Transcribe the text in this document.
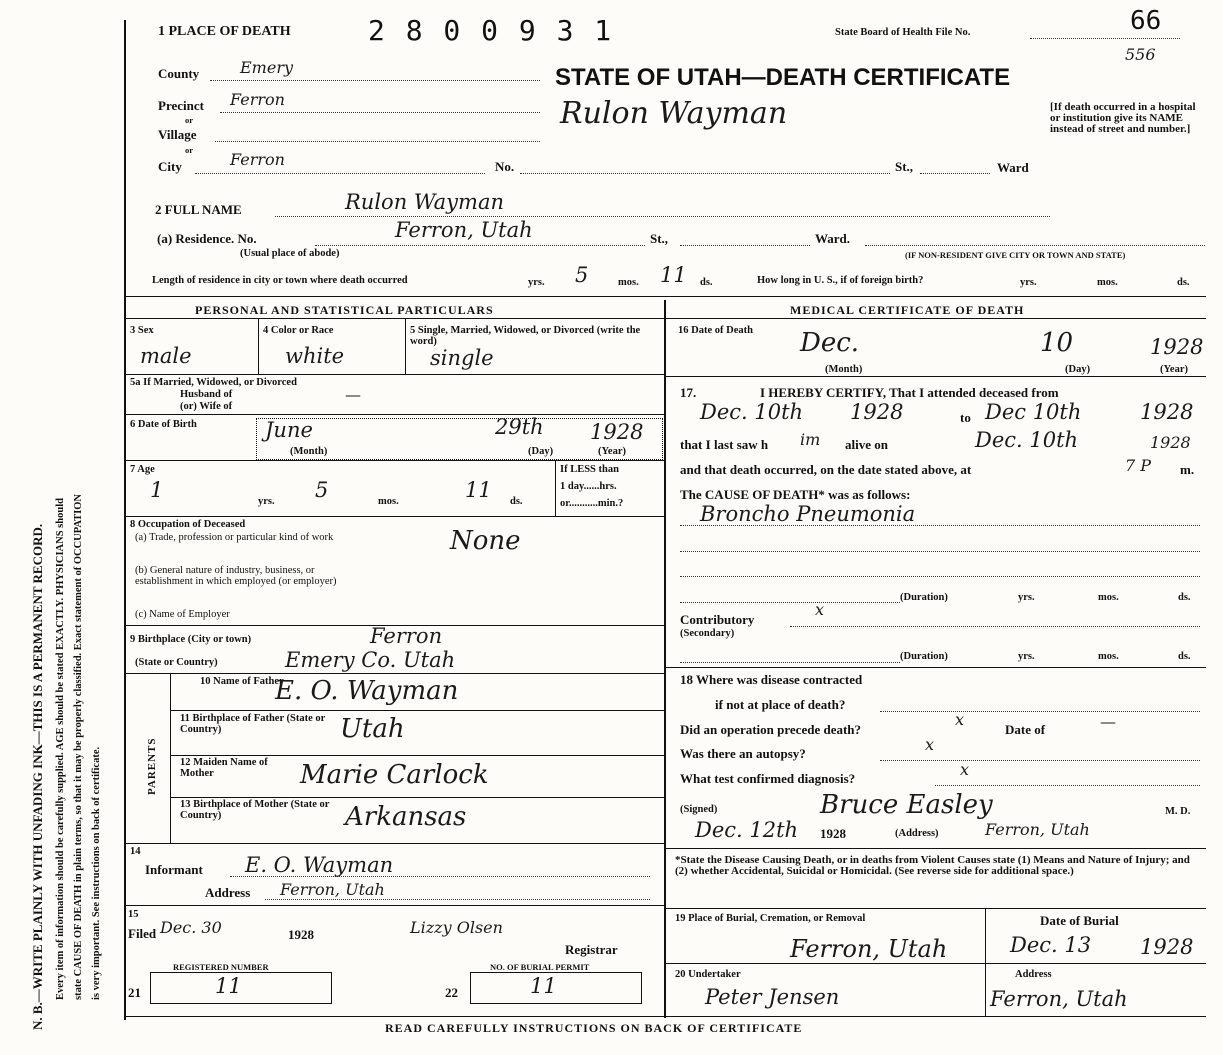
N. B.—WRITE PLAINLY WITH UNFADING INK—THIS IS A PERMANENT RECORD. Every item of information should be carefully supplied. AGE should be stated EXACTLY. PHYSICIANS should state CAUSE OF DEATH in plain terms, so that it may be properly classified. Exact statement of OCCUPATION is very important. See instructions on back of certificate.
1 PLACE OF DEATH	2 8 0 0 9 3 1	State Board of Health File No.	66
556
STATE OF UTAH—DEATH CERTIFICATE
[If death occurred in a hospital or institution give its NAME instead of street and number.]
County	Emery
Precinct Ferron
or
Village
or
City	Ferron	No.	St.,	Ward
Rulon Wayman
2 FULL NAME	Rulon Wayman
(a) Residence. No.	Ferron, Utah	St.,	Ward.
(Usual place of abode)	(IF NON-RESIDENT GIVE CITY OR TOWN AND STATE)
Length of residence in city or town where death occurred	yrs. 5	mos. 11 ds.	How long in U. S., if of foreign birth?	yrs.	mos.	ds.
PERSONAL AND STATISTICAL PARTICULARS
3 Sex
male
4 Color or Race
white
5 Single, Married, Widowed, or Divorced (write the word)
single
5a If Married, Widowed, or Divorced
Husband of
(or) Wife of
—
6 Date of Birth	June	29th 1928
(Month)	(Day)	(Year)
7 Age
1	yrs. 5	mos.	11 ds.
If LESS than
1 day......hrs.
or...........min.?
8 Occupation of Deceased
(a) Trade, profession or particular kind of work	None
(b) General nature of industry, business, or establishment in which employed (or employer)
(c) Name of Employer
9 Birthplace (City or town)	Ferron
(State or Country)	Emery Co. Utah
PARENTS
10 Name of Father
E. O. Wayman
11 Birthplace of Father (State or Country)	Utah
12 Maiden Name of Mother	Marie Carlock
13 Birthplace of Mother (State or Country)	Arkansas
14
Informant E. O. Wayman
Address Ferron, Utah
15
Filed Dec. 30	1928	Lizzy Olsen
Registrar
REGISTERED NUMBER
21	11
NO. OF BURIAL PERMIT
22	11
MEDICAL CERTIFICATE OF DEATH
16 Date of Death Dec.	10	1928
(Month)	(Day)	(Year)
17.	I HEREBY CERTIFY, That I attended deceased from
Dec. 10th 1928	to Dec 10th	1928
that I last saw h im alive on	Dec. 10th	1928
and that death occurred, on the date stated above, at	7 P m.
The CAUSE OF DEATH* was as follows:
Broncho Pneumonia
(Duration)	yrs.	mos.	ds.
Contributory
(Secondary)
x
(Duration)	yrs.	mos.	ds.
18 Where was disease contracted
if not at place of death?
Did an operation precede death?
x
Date of	—
Was there an autopsy?	x
What test confirmed diagnosis?	x
(Signed)	Bruce Easley	M. D.
Dec. 12th 1928	(Address)	Ferron, Utah
*State the Disease Causing Death, or in deaths from Violent Causes state (1) Means and Nature of Injury; and (2) whether Accidental, Suicidal or Homicidal. (See reverse side for additional space.)
19 Place of Burial, Cremation, or Removal
Ferron, Utah
Date of Burial
Dec. 13 1928
20 Undertaker
Peter Jensen
Address
Ferron, Utah
READ CAREFULLY INSTRUCTIONS ON BACK OF CERTIFICATE
